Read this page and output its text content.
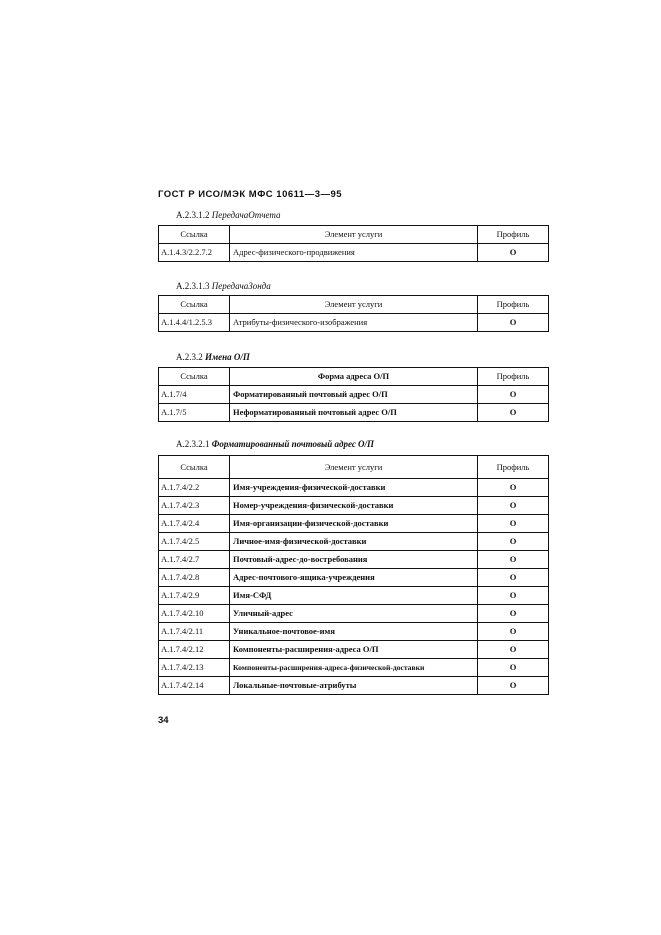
ГОСТ Р ИСО/МЭК МФС 10611—3—95
А.2.3.1.2 ПередачаОтчета
Ссылка	Элемент услуги	Профиль
А.1.4.3/2.2.7.2	Адрес-физического-продвижения	О
А.2.3.1.3 ПередачаЗонда
Ссылка	Элемент услуги	Профиль
А.1.4.4/1.2.5.3	Атрибуты-физического-изображения	О
А.2.3.2 Имена О/П
Ссылка	Форма адреса О/П	Профиль
А.1.7/4	Форматированный почтовый адрес О/П	О
А.1.7/5	Неформатированный почтовый адрес О/П	О
А.2.3.2.1 Форматированный почтовый адрес О/П
Ссылка	Элемент услуги	Профиль
А.1.7.4/2.2	Имя-учреждения-физической-доставки	О
А.1.7.4/2.3	Номер-учреждения-физической-доставки	О
А.1.7.4/2.4	Имя-организации-физической-доставки	О
А.1.7.4/2.5	Личное-имя-физической-доставки	О
А.1.7.4/2.7	Почтовый-адрес-до-востребования	О
А.1.7.4/2.8	Адрес-почтового-ящика-учреждения	О
А.1.7.4/2.9	Имя-СФД	О
А.1.7.4/2.10	Уличный-адрес	О
А.1.7.4/2.11	Уникальное-почтовое-имя	О
А.1.7.4/2.12	Компоненты-расширения-адреса О/П	О
А.1.7.4/2.13	Компоненты-расширения-адреса-физической-доставки	О
А.1.7.4/2.14	Локальные-почтовые-атрибуты	О
34
